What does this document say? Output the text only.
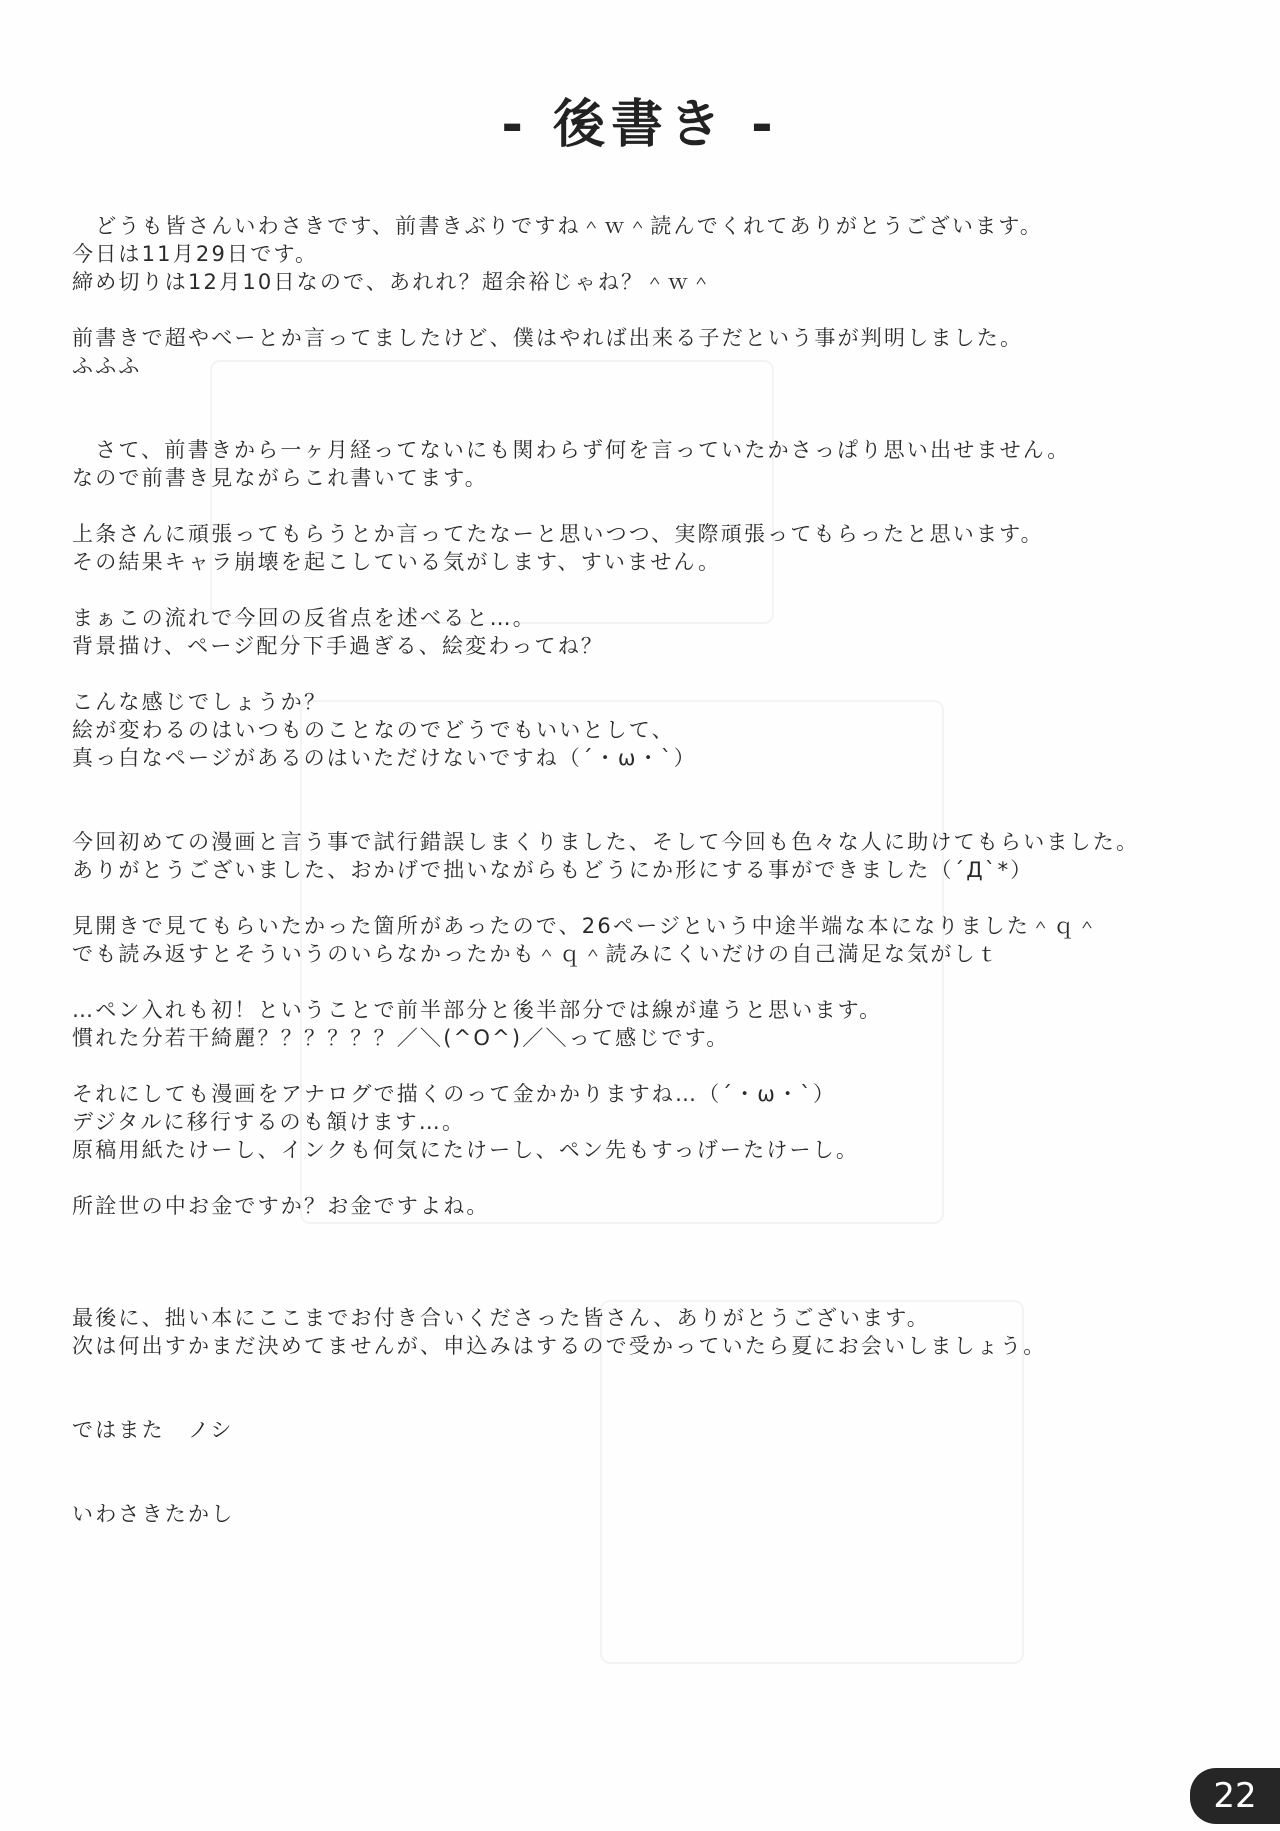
- 後書き -
　どうも皆さんいわさきです、前書きぶりですね＾ｗ＾読んでくれてありがとうございます。
今日は11月29日です。
締め切りは12月10日なので、あれれ？超余裕じゃね？＾ｗ＾
前書きで超やべーとか言ってましたけど、僕はやれば出来る子だという事が判明しました。
ふふふ
　さて、前書きから一ヶ月経ってないにも関わらず何を言っていたかさっぱり思い出せません。
なので前書き見ながらこれ書いてます。
上条さんに頑張ってもらうとか言ってたなーと思いつつ、実際頑張ってもらったと思います。
その結果キャラ崩壊を起こしている気がします、すいません。
まぁこの流れで今回の反省点を述べると…。
背景描け、ページ配分下手過ぎる、絵変わってね？
こんな感じでしょうか？
絵が変わるのはいつものことなのでどうでもいいとして、
真っ白なページがあるのはいただけないですね（´・ω・`）
今回初めての漫画と言う事で試行錯誤しまくりました、そして今回も色々な人に助けてもらいました。
ありがとうございました、おかげで拙いながらもどうにか形にする事ができました（´Д`*）
見開きで見てもらいたかった箇所があったので、26ページという中途半端な本になりました＾ｑ＾
でも読み返すとそういうのいらなかったかも＾ｑ＾読みにくいだけの自己満足な気がしｔ
…ペン入れも初！ということで前半部分と後半部分では線が違うと思います。
慣れた分若干綺麗？？？？？？／＼(^O^)／＼って感じです。
それにしても漫画をアナログで描くのって金かかりますね…（´・ω・`）
デジタルに移行するのも頷けます…。
原稿用紙たけーし、インクも何気にたけーし、ペン先もすっげーたけーし。
所詮世の中お金ですか？お金ですよね。
最後に、拙い本にここまでお付き合いくださった皆さん、ありがとうございます。
次は何出すかまだ決めてませんが、申込みはするので受かっていたら夏にお会いしましょう。
ではまた　ノシ
いわさきたかし
22
